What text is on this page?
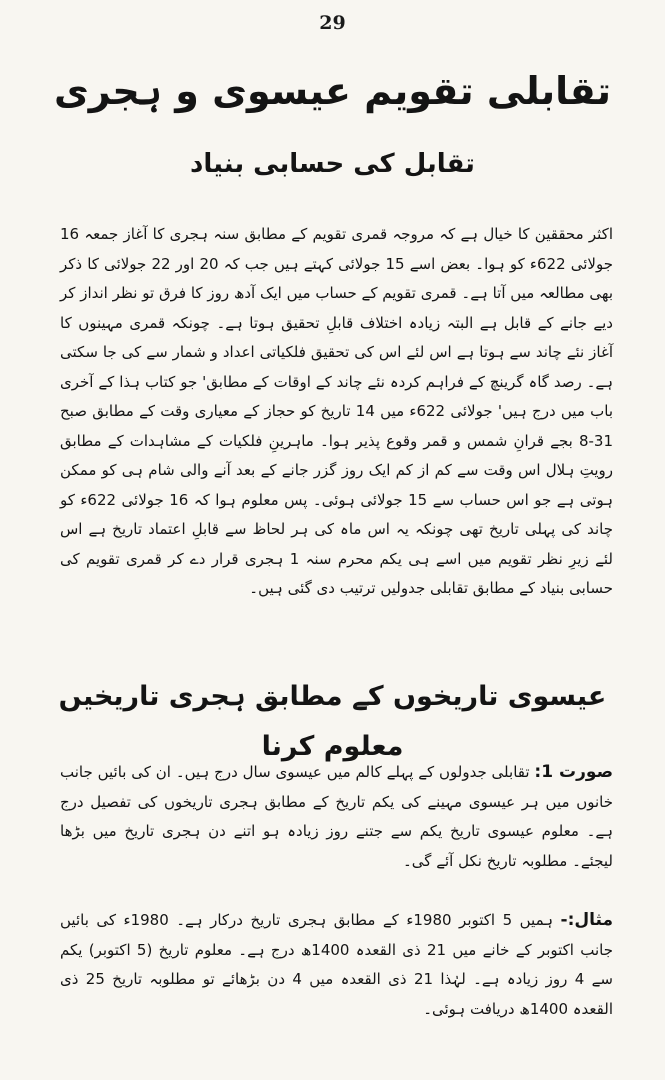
29
تقابلی تقویم عیسوی و ہجری
تقابل کی حسابی بنیاد
اکثر محققین کا خیال ہے کہ مروجہ قمری تقویم کے مطابق سنہ ہجری کا آغاز جمعہ 16 جولائی 622ء کو ہوا۔ بعض اسے 15 جولائی کہتے ہیں جب کہ 20 اور 22 جولائی کا ذکر بھی مطالعہ میں آتا ہے۔ قمری تقویم کے حساب میں ایک آدھ روز کا فرق تو نظر انداز کر دیے جانے کے قابل ہے البتہ زیادہ اختلاف قابلِ تحقیق ہوتا ہے۔ چونکہ قمری مہینوں کا آغاز نئے چاند سے ہوتا ہے اس لئے اس کی تحقیق فلکیاتی اعداد و شمار سے کی جا سکتی ہے۔ رصد گاہ گرینچ کے فراہم کردہ نئے چاند کے اوقات کے مطابق' جو کتاب ہذا کے آخری باب میں درج ہیں' جولائی 622ء میں 14 تاریخ کو حجاز کے معیاری وقت کے مطابق صبح 31-8 بجے قرانِ شمس و قمر وقوع پذیر ہوا۔ ماہرینِ فلکیات کے مشاہدات کے مطابق رویتِ ہلال اس وقت سے کم از کم ایک روز گزر جانے کے بعد آنے والی شام ہی کو ممکن ہوتی ہے جو اس حساب سے 15 جولائی ہوئی۔ پس معلوم ہوا کہ 16 جولائی 622ء کو چاند کی پہلی تاریخ تھی چونکہ یہ اس ماہ کی ہر لحاظ سے قابلِ اعتماد تاریخ ہے اس لئے زیرِ نظر تقویم میں اسے ہی یکم محرم سنہ 1 ہجری قرار دے کر قمری تقویم کی حسابی بنیاد کے مطابق تقابلی جدولیں ترتیب دی گئی ہیں۔
عیسوی تاریخوں کے مطابق ہجری تاریخیں معلوم کرنا
صورت 1: تقابلی جدولوں کے پہلے کالم میں عیسوی سال درج ہیں۔ ان کی بائیں جانب خانوں میں ہر عیسوی مہینے کی یکم تاریخ کے مطابق ہجری تاریخوں کی تفصیل درج ہے۔ معلوم عیسوی تاریخ یکم سے جتنے روز زیادہ ہو اتنے دن ہجری تاریخ میں بڑھا لیجئے۔ مطلوبہ تاریخ نکل آئے گی۔
مثال:- ہمیں 5 اکتوبر 1980ء کے مطابق ہجری تاریخ درکار ہے۔ 1980ء کی بائیں جانب اکتوبر کے خانے میں 21 ذی القعدہ 1400ھ درج ہے۔ معلوم تاریخ (5 اکتوبر) یکم سے 4 روز زیادہ ہے۔ لہٰذا 21 ذی القعدہ میں 4 دن بڑھائے تو مطلوبہ تاریخ 25 ذی القعدہ 1400ھ دریافت ہوئی۔
